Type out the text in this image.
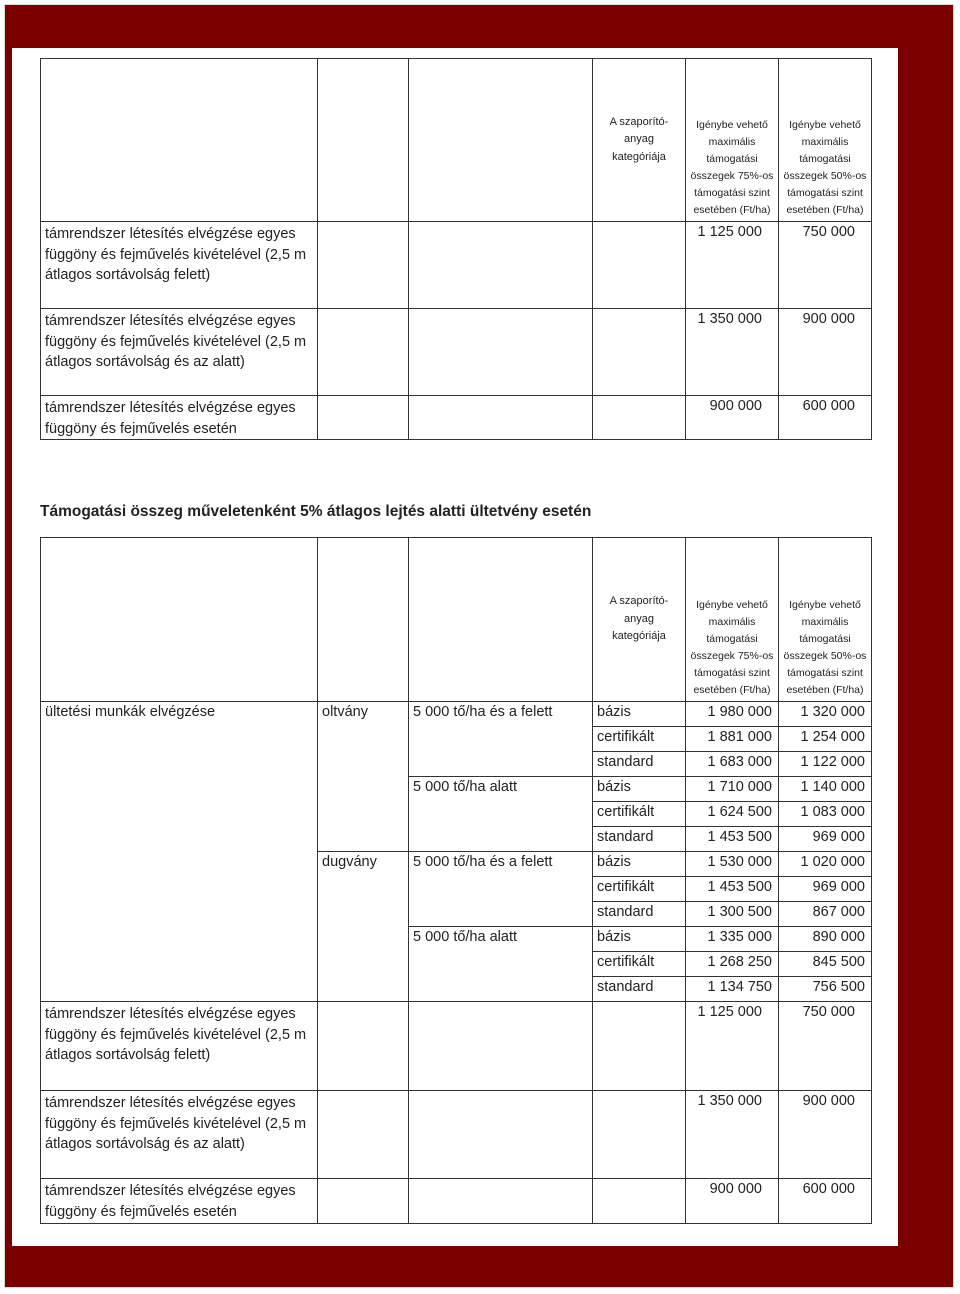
			A szaporító-anyag kategóriája	Igénybe vehető maximális támogatási összegek 75%-os támogatási szint esetében (Ft/ha)	Igénybe vehető maximális támogatási összegek 50%-os támogatási szint esetében (Ft/ha)
támrendszer létesítés elvégzése egyes függöny és fejművelés kivételével (2,5 m átlagos sortávolság felett)				1 125 000	750 000
támrendszer létesítés elvégzése egyes függöny és fejművelés kivételével (2,5 m átlagos sortávolság és az alatt)				1 350 000	900 000
támrendszer létesítés elvégzése egyes függöny és fejművelés esetén				900 000	600 000
Támogatási összeg műveletenként 5% átlagos lejtés alatti ültetvény esetén
			A szaporító-anyag kategóriája	Igénybe vehető maximális támogatási összegek 75%-os támogatási szint esetében (Ft/ha)	Igénybe vehető maximális támogatási összegek 50%-os támogatási szint esetében (Ft/ha)
ültetési munkák elvégzése	oltvány	5 000 tő/ha és a felett	bázis	1 980 000	1 320 000
			certifikált	1 881 000	1 254 000
			standard	1 683 000	1 122 000
		5 000 tő/ha alatt	bázis	1 710 000	1 140 000
			certifikált	1 624 500	1 083 000
			standard	1 453 500	969 000
	dugvány	5 000 tő/ha és a felett	bázis	1 530 000	1 020 000
			certifikált	1 453 500	969 000
			standard	1 300 500	867 000
		5 000 tő/ha alatt	bázis	1 335 000	890 000
			certifikált	1 268 250	845 500
			standard	1 134 750	756 500
támrendszer létesítés elvégzése egyes függöny és fejművelés kivételével (2,5 m átlagos sortávolság felett)				1 125 000	750 000
támrendszer létesítés elvégzése egyes függöny és fejművelés kivételével (2,5 m átlagos sortávolság és az alatt)				1 350 000	900 000
támrendszer létesítés elvégzése egyes függöny és fejművelés esetén				900 000	600 000
